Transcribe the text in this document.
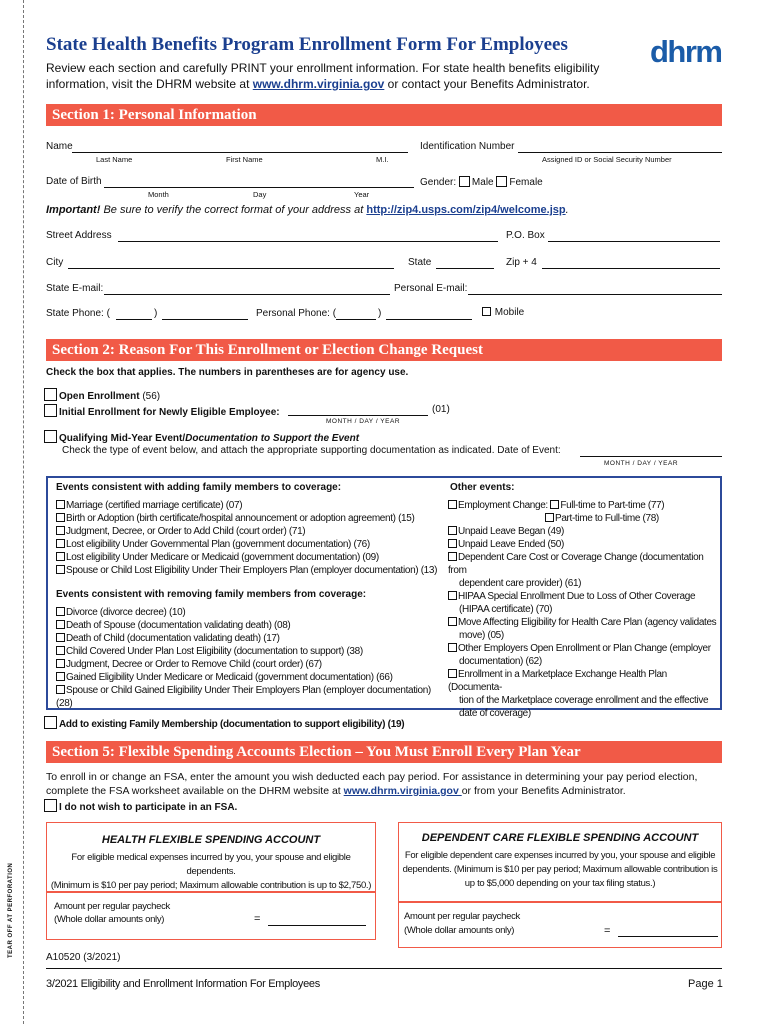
TEAR OFF AT PERFORATION
State Health Benefits Program Enrollment Form For Employees	dhrm
Review each section and carefully PRINT your enrollment information. For state health benefits eligibility
information, visit the DHRM website at www.dhrm.virginia.gov or contact your Benefits Administrator.
Section 1: Personal Information
Name
Last Name	First Name	M.I.
Identification Number
Assigned ID or Social Security Number
Date of Birth
Month	Day	Year
Gender: Male Female
Important! Be sure to verify the correct format of your address at http://zip4.usps.com/zip4/welcome.jsp.
Street Address	P.O. Box
City	State	Zip + 4
State E-mail:	Personal E-mail:
State Phone: (	)	Personal Phone: (	)	Mobile
Section 2: Reason For This Enrollment or Election Change Request
Check the box that applies. The numbers in parentheses are for agency use.
Open Enrollment (56)
Initial Enrollment for Newly Eligible Employee:	(01)
MONTH / DAY / YEAR
Qualifying Mid-Year Event/Documentation to Support the Event
Check the type of event below, and attach the appropriate supporting documentation as indicated. Date of Event:
MONTH / DAY / YEAR
Events consistent with adding family members to coverage:
Marriage (certified marriage certificate) (07)
Birth or Adoption (birth certificate/hospital announcement or adoption agreement) (15)
Judgment, Decree, or Order to Add Child (court order) (71)
Lost eligibility Under Governmental Plan (government documentation) (76)
Lost eligibility Under Medicare or Medicaid (government documentation) (09)
Spouse or Child Lost Eligibility Under Their Employers Plan (employer documentation) (13)
Events consistent with removing family members from coverage:
Divorce (divorce decree) (10)
Death of Spouse (documentation validating death) (08)
Death of Child (documentation validating death) (17)
Child Covered Under Plan Lost Eligibility (documentation to support) (38)
Judgment, Decree or Order to Remove Child (court order) (67)
Gained Eligibility Under Medicare or Medicaid (government documentation) (66)
Spouse or Child Gained Eligibility Under Their Employers Plan (employer documentation) (28)
Other events:
Employment Change: Full-time to Part-time (77)
Part-time to Full-time (78)
Unpaid Leave Began (49)
Unpaid Leave Ended (50)
Dependent Care Cost or Coverage Change (documentation from
dependent care provider) (61)
HIPAA Special Enrollment Due to Loss of Other Coverage
(HIPAA certificate) (70)
Move Affecting Eligibility for Health Care Plan (agency validates
move) (05)
Other Employers Open Enrollment or Plan Change (employer
documentation) (62)
Enrollment in a Marketplace Exchange Health Plan (Documenta-
tion of the Marketplace coverage enrollment and the effective
date of coverage)
Add to existing Family Membership (documentation to support eligibility) (19)
Section 5: Flexible Spending Accounts Election – You Must Enroll Every Plan Year
To enroll in or change an FSA, enter the amount you wish deducted each pay period. For assistance in determining your pay period election,
complete the FSA worksheet available on the DHRM website at www.dhrm.virginia.gov or from your Benefits Administrator.
I do not wish to participate in an FSA.
HEALTH FLEXIBLE SPENDING ACCOUNT
For eligible medical expenses incurred by you, your spouse and eligible dependents.
(Minimum is $10 per pay period; Maximum allowable contribution is up to $2,750.)
Amount per regular paycheck
(Whole dollar amounts only)	=
DEPENDENT CARE FLEXIBLE SPENDING ACCOUNT
For eligible dependent care expenses incurred by you, your spouse and eligible
dependents. (Minimum is $10 per pay period; Maximum allowable contribution is
up to $5,000 depending on your tax filing status.)
Amount per regular paycheck
(Whole dollar amounts only)	=
A10520 (3/2021)
3/2021 Eligibility and Enrollment Information For Employees	Page 1
